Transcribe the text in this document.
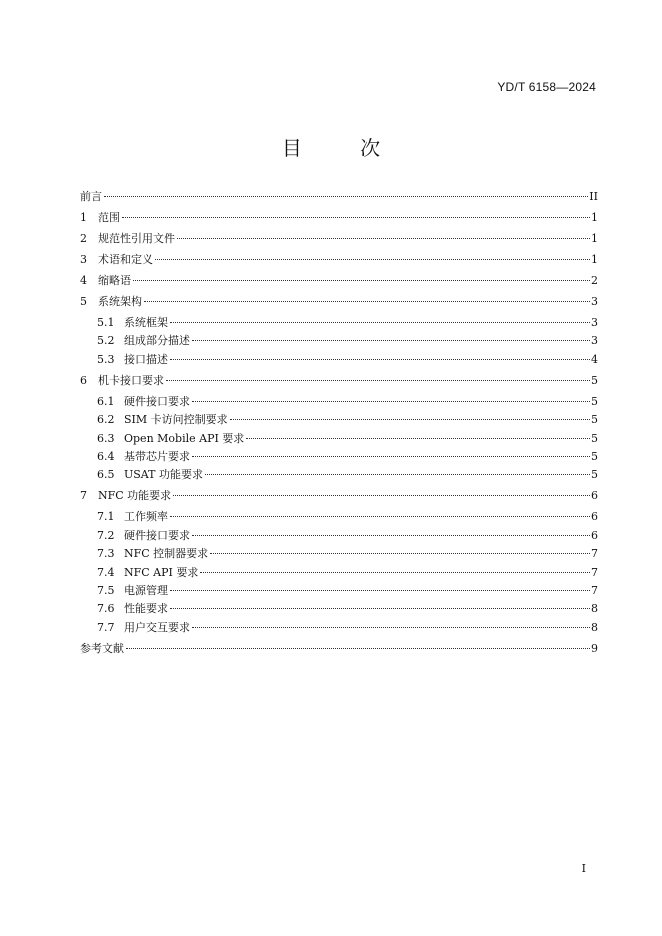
YD/T 6158—2024
目 次
前言	II
1	范围	1
2	规范性引用文件	1
3	术语和定义	1
4	缩略语	2
5	系统架构	3
5.1 系统框架	3
5.2 组成部分描述	3
5.3 接口描述	4
6	机卡接口要求	5
6.1 硬件接口要求	5
6.2 SIM 卡访问控制要求	5
6.3 Open Mobile API 要求	5
6.4 基带芯片要求	5
6.5 USAT 功能要求	5
7	NFC 功能要求	6
7.1 工作频率	6
7.2 硬件接口要求	6
7.3 NFC 控制器要求	7
7.4 NFC API 要求	7
7.5 电源管理	7
7.6 性能要求	8
7.7 用户交互要求	8
参考文献	9
I
